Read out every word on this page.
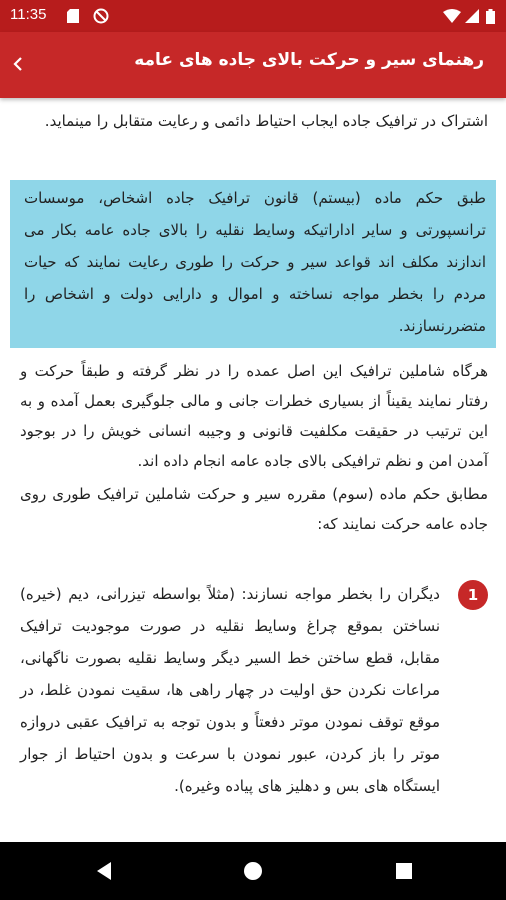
11:35
رهنمای سیر و حرکت بالای جاده های عامه

اشتراک در ترافیک جاده ایجاب احتیاط دائمی و رعایت متقابل را مینماید.

طبق حکم ماده (بیستم) قانون ترافیک جاده اشخاص، موسسات ترانسپورتی و سایر اداراتیکه وسایط نقلیه را بالای جاده عامه بکار می اندازند مکلف اند قواعد سیر و حرکت را طوری رعایت نمایند که حیات مردم را بخطر مواجه نساخته و اموال و دارایی دولت و اشخاص را متضررنسازند.

هرگاه شاملین ترافیک این اصل عمده را در نظر گرفته و طبقاً حرکت و رفتار نمایند یقیناً از بسیاری خطرات جانی و مالی جلوگیری بعمل آمده و به این ترتیب در حقیقت مکلفیت قانونی و وجیبه انسانی خویش را در بوجود آمدن امن و نظم ترافیکی بالای جاده عامه انجام داده اند.

مطابق حکم ماده (سوم) مقرره سیر و حرکت شاملین ترافیک طوری روی جاده عامه حرکت نمایند که:

1

دیگران را بخطر مواجه نسازند: (مثلاً بواسطه تیزرانی، دیم (خیره) نساختن بموقع چراغ وسایط نقلیه در صورت موجودیت ترافیک مقابل، قطع ساختن خط السیر دیگر وسایط نقلیه بصورت ناگهانی، مراعات نکردن حق اولیت در چهار راهی ها، سقیت نمودن غلط، در موقع توقف نمودن موتر دفعتاً و بدون توجه به ترافیک عقبی دروازه موتر را باز کردن، عبور نمودن با سرعت و بدون احتیاط از جوار ایستگاه های بس و دهلیز های پیاده وغیره).
